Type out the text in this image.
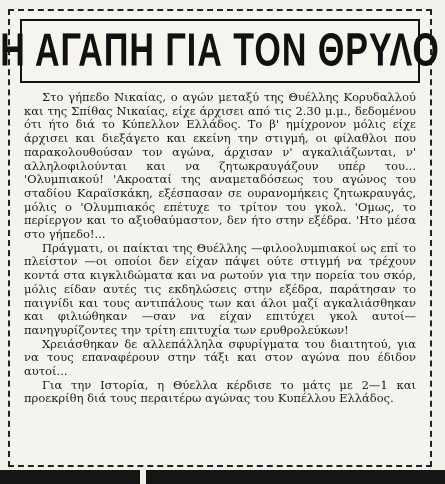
Η ΑΓΑΠΗ ΓΙΑ ΤΟΝ ΘΡΥΛΟ

Στο γήπεδο Νικαίας, ο αγών μεταξύ της Θυέλλης Κορυδαλλού και της Σπίθας Νικαίας, είχε άρχισει από τις 2.30 μ.μ., δεδομένου ότι ήτο διά το Κύπελλον Ελλάδος. Το β' ημίχρονον μόλις είχε άρχισει και διεξάγετο και εκείνη την στιγμή, οι φίλαθλοι που παρακολουθούσαν τον αγώνα, άρχισαν ν' αγκαλιάζωνται, ν' αλληλοφιλούνται και να ζητωκραυγάζουν υπέρ του... 'Ολυμπιακού! 'Ακροαταί της αναμεταδόσεως του αγώνος του σταδίου Καραϊσκάκη, εξέσπασαν σε ουρανομήκεις ζητωκραυγάς, μόλις ο 'Ολυμπιακός επέτυχε το τρίτον του γκολ. 'Ομως, το περίεργον και το αξιοθαύμαστον, δεν ήτο στην εξέδρα. 'Ητο μέσα στο γήπεδο!...

Πράγματι, οι παίκται της Θυέλλης —φιλοολυμπιακοί ως επί το πλείστον —οι οποίοι δεν είχαν πάψει ούτε στιγμή να τρέχουν κοντά στα κιγκλιδώματα και να ρωτούν για την πορεία του σκόρ, μόλις είδαν αυτές τις εκδηλώσεις στην εξέδρα, παράτησαν το παιγνίδι και τους αντιπάλους των και άλοι μαζί αγκαλιάσθηκαν και φιλιώθηκαν —σαν να είχαν επιτύχει γκολ αυτοί— πανηγυρίζοντες την τρίτη επιτυχία των ερυθρολεύκων!

Χρειάσθηκαν δε αλλεπάλληλα σφυρίγματα του διαιτητού, για να τους επαναφέρουν στην τάξι και στον αγώνα που έδιδον αυτοί...

Για την Ιστορία, η Θύελλα κέρδισε το μάτς με 2—1 και προεκρίθη διά τους περαιτέρω αγώνας του Κυπέλλου Ελλάδος.
